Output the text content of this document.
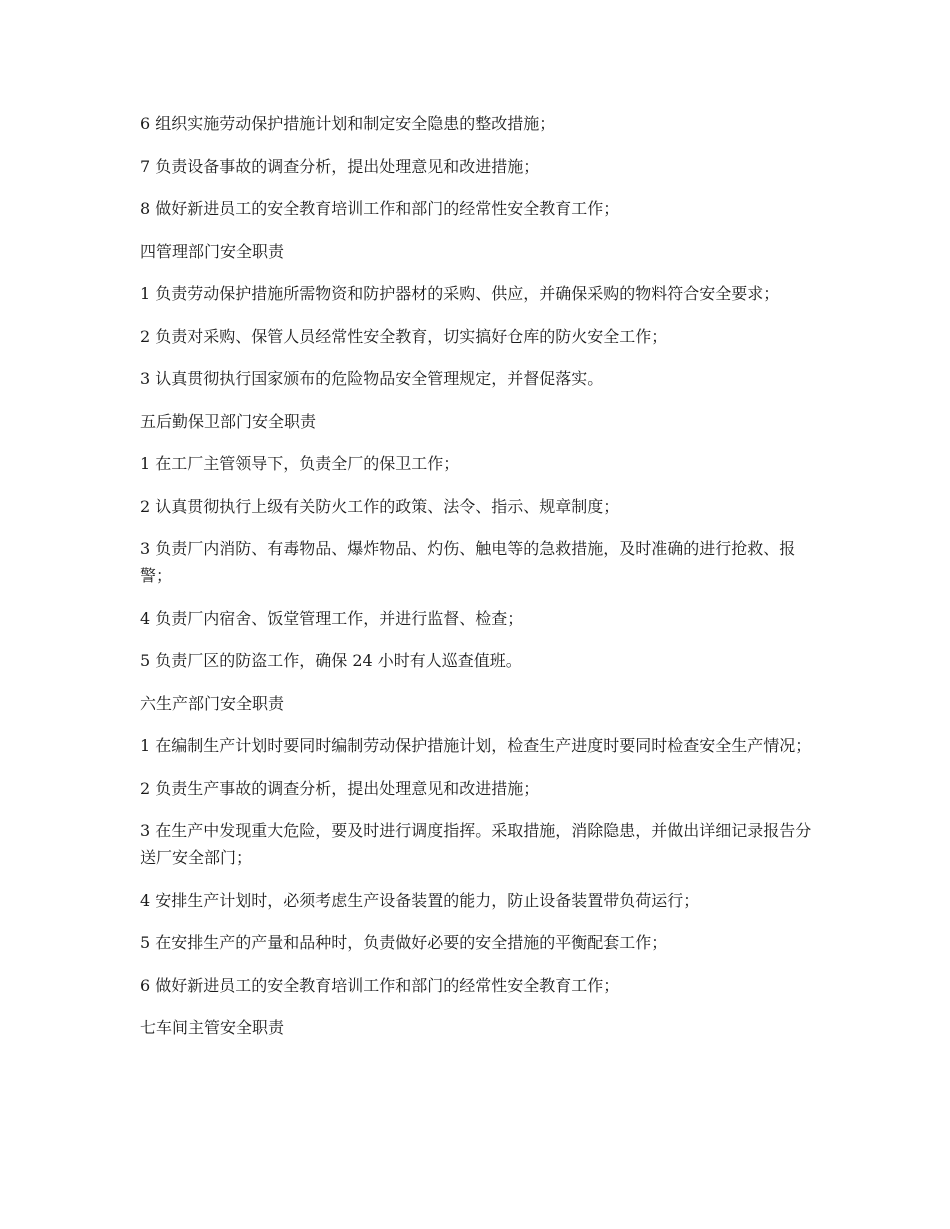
6 组织实施劳动保护措施计划和制定安全隐患的整改措施；

7 负责设备事故的调查分析，提出处理意见和改进措施；

8 做好新进员工的安全教育培训工作和部门的经常性安全教育工作；

四管理部门安全职责

1 负责劳动保护措施所需物资和防护器材的采购、供应，并确保采购的物料符合安全要求；

2 负责对采购、保管人员经常性安全教育，切实搞好仓库的防火安全工作；

3 认真贯彻执行国家颁布的危险物品安全管理规定，并督促落实。

五后勤保卫部门安全职责

1 在工厂主管领导下，负责全厂的保卫工作；

2 认真贯彻执行上级有关防火工作的政策、法令、指示、规章制度；

3 负责厂内消防、有毒物品、爆炸物品、灼伤、触电等的急救措施，及时准确的进行抢救、报警；

4 负责厂内宿舍、饭堂管理工作，并进行监督、检查；

5 负责厂区的防盗工作，确保 24 小时有人巡查值班。

六生产部门安全职责

1 在编制生产计划时要同时编制劳动保护措施计划，检查生产进度时要同时检查安全生产情况；

2 负责生产事故的调查分析，提出处理意见和改进措施；

3 在生产中发现重大危险，要及时进行调度指挥。采取措施，消除隐患，并做出详细记录报告分送厂安全部门；

4 安排生产计划时，必须考虑生产设备装置的能力，防止设备装置带负荷运行；

5 在安排生产的产量和品种时，负责做好必要的安全措施的平衡配套工作；

6 做好新进员工的安全教育培训工作和部门的经常性安全教育工作；

七车间主管安全职责
